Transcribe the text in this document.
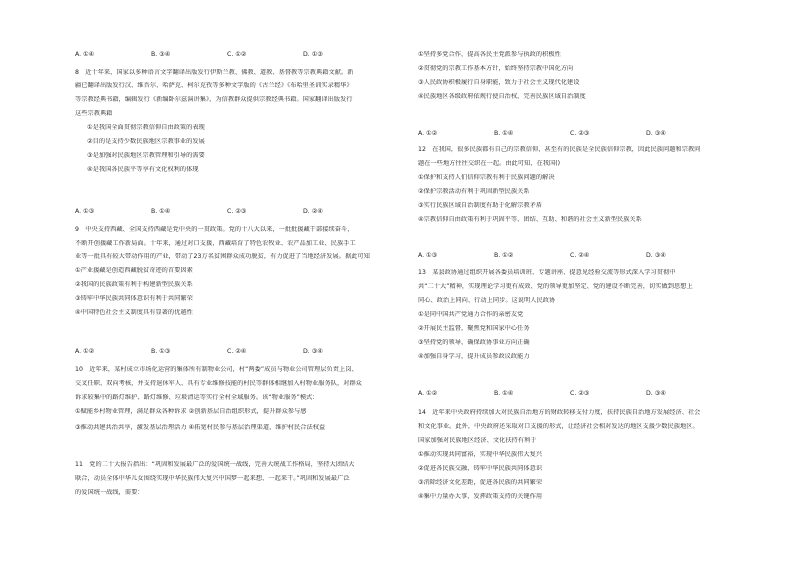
A. ①④	B. ③④	C. ①②	D. ①③
8　近十年来，国家以多种语言文字翻译出版发行伊斯兰教、佛教、道教、基督教等宗教典籍文献。新
疆已翻译出版发行汉、维吾尔、哈萨克、柯尔克孜等多种文字版的《古兰经》《布哈里圣训实录精华》
等宗教经典书籍，编辑发行《新编卧尔兹演讲集》，为信教群众提供宗教经典书籍。国家翻译出版发行
这些宗教典籍
①是我国全面贯彻宗教信仰自由政策的表现
②目的是支持少数民族地区宗教事业的发展
③是加强对民族地区宗教管理和引导的需要
④是我国各民族平等享有文化权利的体现
A. ①③	B. ①④	C. ②③	D. ②④
9　中央支持西藏、全国支持西藏是党中央的一贯政策。党的十八大以来，一批批援藏干部接续奋斗，
不断开创援藏工作新局面。十年来，通过对口支援，西藏培育了特色农牧业、农产品加工业、民族手工
业等一批具有较大带动作用的产业，带动了23万名贫困群众成功脱贫，有力促进了当地经济发展。据此可知
①产业援藏是创造西藏脱贫奇迹的首要因素
②我国的民族政策有利于构建新型民族关系
③铸牢中华民族共同体意识有利于共同繁荣
④中国特色社会主义制度具有显著的优越性
A. ①②	B. ①③	C. ②④	D. ③④
10　近年来，某村成立市场化运营的集体所有制物业公司，村“两委”成员与物业公司管理层负责上岗、
交叉任职、双向考核，并支持退休军人、具有专业维修技能的村民等群体相继加入村物业服务队，对群众
诉求较集中的路灯维护、路灯维修、垃圾清运等实行全村全域服务。该“物业服务”模式：
①赋能乡村物业管理，满足群众各种诉求 ②创新基层自治组织形式，提升群众参与感
③推动共建共治共享，激发基层治理活力 ④拓宽村民参与基层治理渠道，维护村民合法权益
11　党的二十大报告指出：“巩固和发展最广泛的爱国统一战线，完善大统战工作格局，坚持大团结大
联合，动员全体中华儿女围绕实现中华民族伟大复兴中国梦一起来想、一起来干。”巩固和发展最广泛
的爱国统一战线，需要：
①坚持多党合作，提高各民主党派参与执政的积极性
②贯彻党的宗教工作基本方针，始终坚持宗教中国化方向
③人民政协积极履行自身职能，致力于社会主义现代化建设
④民族地区各级政府依规行使自治权，完善民族区域自治制度
A. ①②	B. ①④	C. ②③	D. ③④
12　在我国，很多民族都有自己的宗教信仰，甚至有的民族是全民族信仰宗教，因此民族问题和宗教问
题在一些地方往往交织在一起。由此可知，在我国()
①保护和支持人们信仰宗教有利于民族问题的解决
②保护宗教活动有利于巩固新型民族关系
③实行民族区域自治制度有助于化解宗教矛盾
④宗教信仰自由政策有利于巩固平等、团结、互助、和谐的社会主义新型民族关系
A. ①③	B. ①②	C. ②④	D. ③④
13　某县政协通过组织开展各委员培训班、专题讲座、提意见经验交流等形式深入学习贯彻中
共“二十大”精神，实现理论学习更有成效、党的领导更加坚定、党的建设不断完善，切实做到思想上
同心、政治上同向、行动上同步。这说明人民政协
①是同中国共产党通力合作的亲密友党
②开展民主监督，聚焦党和国家中心任务
③坚持党的领导，确保政协事业方向正确
④加强自身学习，提升成员参政议政能力
A. ①②	B. ①④	C. ②③	D. ③④
14　近年来中央政府持续加大对民族自治地方的财政转移支付力度，扶持民族自治地方发展经济、社会
和文化事业。此外，中央政府还采取对口支援的形式，让经济社会相对发达的地区支援少数民族地区。
国家加强对民族地区经济、文化扶持有利于
①推动实现共同富裕，实现中华民族伟大复兴
②促进各民族交融，铸牢中华民族共同体意识
③消除经济文化差距，促进各民族的共同繁荣
④集中力量办大事，发挥政策支持的关键作用
